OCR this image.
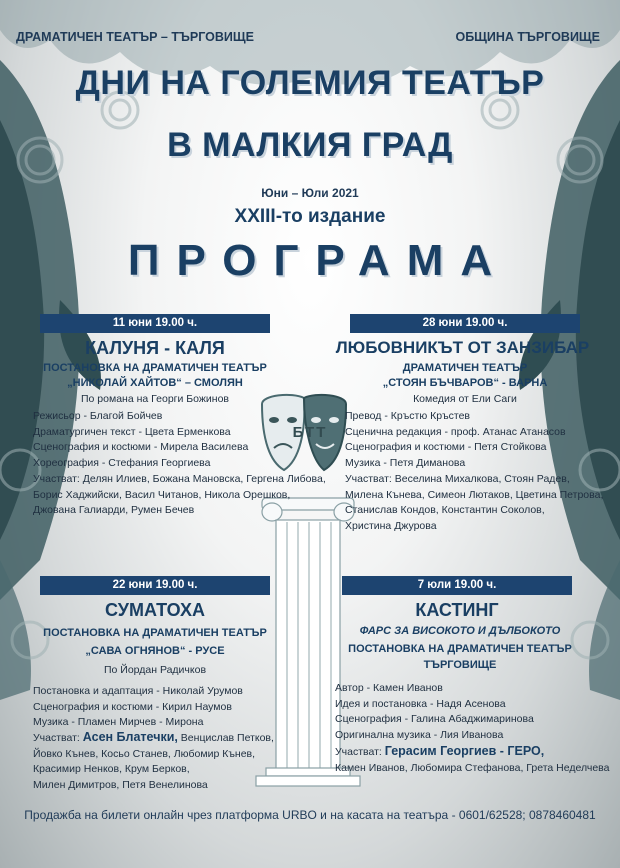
ДРАМАТИЧЕН ТЕАТЪР – ТЪРГОВИЩЕ	ОБЩИНА ТЪРГОВИЩЕ
ДНИ НА ГОЛЕМИЯ ТЕАТЪР
В МАЛКИЯ ГРАД
Юни – Юли 2021
XXIII-то издание
ПРОГРАМА
БТТ
11 юни 19.00 ч.
КАЛУНЯ - КАЛЯ
ПОСТАНОВКА НА ДРАМАТИЧЕН ТЕАТЪР
„НИКОЛАЙ ХАЙТОВ“ – СМОЛЯН
По романа на Георги Божинов
Режисьор - Благой Бойчев
Драматургичен текст - Цвета Ерменкова
Сценография и коctюми - Мирела Василева
Хореография - Стефания Георгиева
Участват: Делян Илиев, Божана Мановска, Гергена Либова,
Борис Хаджийски, Васил Читанов, Никола Орешков,
Джована Галиарди, Румен Бечев
28 юни 19.00 ч.
ЛЮБОВНИКЪТ ОТ ЗАНЗИБАР
ДРАМАТИЧЕН ТЕАТЪР
„СТОЯН БЪЧВАРОВ“ - ВАРНА
Комедия от Ели Саги
Превод - Кръстю Кръстев
Сценична редакция - проф. Атанас Атанасов
Сценография и костюми - Петя Стойкова
Музика - Петя Диманова
Участват: Веселина Михалкова, Стоян Радев,
Милена Кънева, Симеон Лютаков, Цветина Петрова,
Станислав Кондов, Константин Соколов,
Христина Джурова
22 юни 19.00 ч.
СУМАТОХА
ПОСТАНОВКА НА ДРАМАТИЧЕН ТЕАТЪР
„САВА ОГНЯНОВ“ - РУСЕ
По Йордан Радичков
Постановка и адаптация - Николай Урумов
Сценография и костюми - Кирил Наумов
Музика - Пламен Мирчев - Мирона
Участват: Асен Блатечки, Венцислав Петков,
Йовко Кънев, Косьо Станев, Любомир Кънев,
Красимир Ненков, Крум Берков,
Милен Димитров, Петя Венелинова
7 юли 19.00 ч.
КАСТИНГ
ФАРС ЗА ВИСОКОТО И ДЪЛБОКОТО
ПОСТАНОВКА НА ДРАМАТИЧЕН ТЕАТЪР
ТЪРГОВИЩЕ
Автор - Камен Иванов
Идея и постановка - Надя Асенова
Сценография - Галина Абаджимаринова
Оригинална музика - Лия Иванова
Участват: Герасим Георгиев - ГЕРО,
Камен Иванов, Любомира Стефанова, Грета Неделчева
Продажба на билети онлайн чрез платформа URBO и на касата на театъра - 0601/62528; 0878460481
